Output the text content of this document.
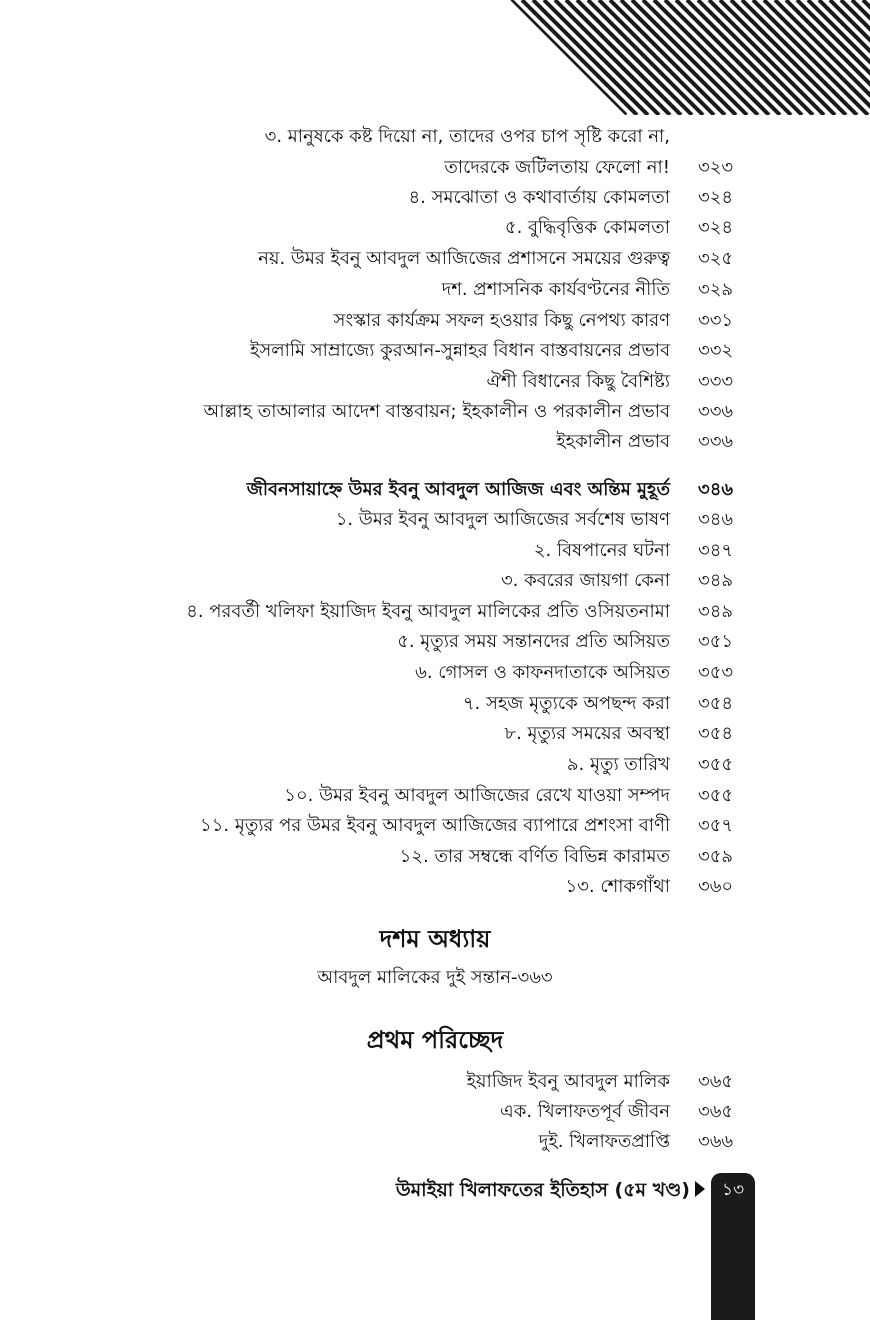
৩. মানুষকে কষ্ট দিয়ো না, তাদের ওপর চাপ সৃষ্টি করো না,
তাদেরকে জটিলতায় ফেলো না! ৩২৩
৪. সমঝোতা ও কথাবার্তায় কোমলতা ৩২৪
৫. বুদ্ধিবৃত্তিক কোমলতা ৩২৪
নয়. উমর ইবনু আবদুল আজিজের প্রশাসনে সময়ের গুরুত্ব ৩২৫
দশ. প্রশাসনিক কার্যবণ্টনের নীতি ৩২৯
সংস্কার কার্যক্রম সফল হওয়ার কিছু নেপথ্য কারণ ৩৩১
ইসলামি সাম্রাজ্যে কুরআন-সুন্নাহর বিধান বাস্তবায়নের প্রভাব ৩৩২
ঐশী বিধানের কিছু বৈশিষ্ট্য ৩৩৩
আল্লাহ তাআলার আদেশ বাস্তবায়ন; ইহকালীন ও পরকালীন প্রভাব ৩৩৬
ইহকালীন প্রভাব ৩৩৬
জীবনসায়াহ্নে উমর ইবনু আবদুল আজিজ এবং অন্তিম মুহূর্ত ৩৪৬
১. উমর ইবনু আবদুল আজিজের সর্বশেষ ভাষণ ৩৪৬
২. বিষপানের ঘটনা ৩৪৭
৩. কবরের জায়গা কেনা ৩৪৯
৪. পরবর্তী খলিফা ইয়াজিদ ইবনু আবদুল মালিকের প্রতি ওসিয়তনামা ৩৪৯
৫. মৃত্যুর সময় সন্তানদের প্রতি অসিয়ত ৩৫১
৬. গোসল ও কাফনদাতাকে অসিয়ত ৩৫৩
৭. সহজ মৃত্যুকে অপছন্দ করা ৩৫৪
৮. মৃত্যুর সময়ের অবস্থা ৩৫৪
৯. মৃত্যু তারিখ ৩৫৫
১০. উমর ইবনু আবদুল আজিজের রেখে যাওয়া সম্পদ ৩৫৫
১১. মৃত্যুর পর উমর ইবনু আবদুল আজিজের ব্যাপারে প্রশংসা বাণী ৩৫৭
১২. তার সম্বন্ধে বর্ণিত বিভিন্ন কারামত ৩৫৯
১৩. শোকগাঁথা ৩৬০
দশম অধ্যায়
আবদুল মালিকের দুই সন্তান-৩৬৩
প্রথম পরিচ্ছেদ
ইয়াজিদ ইবনু আবদুল মালিক ৩৬৫
এক. খিলাফতপূর্ব জীবন ৩৬৫
দুই. খিলাফতপ্রাপ্তি ৩৬৬
উমাইয়া খিলাফতের ইতিহাস (৫ম খণ্ড)	১৩
